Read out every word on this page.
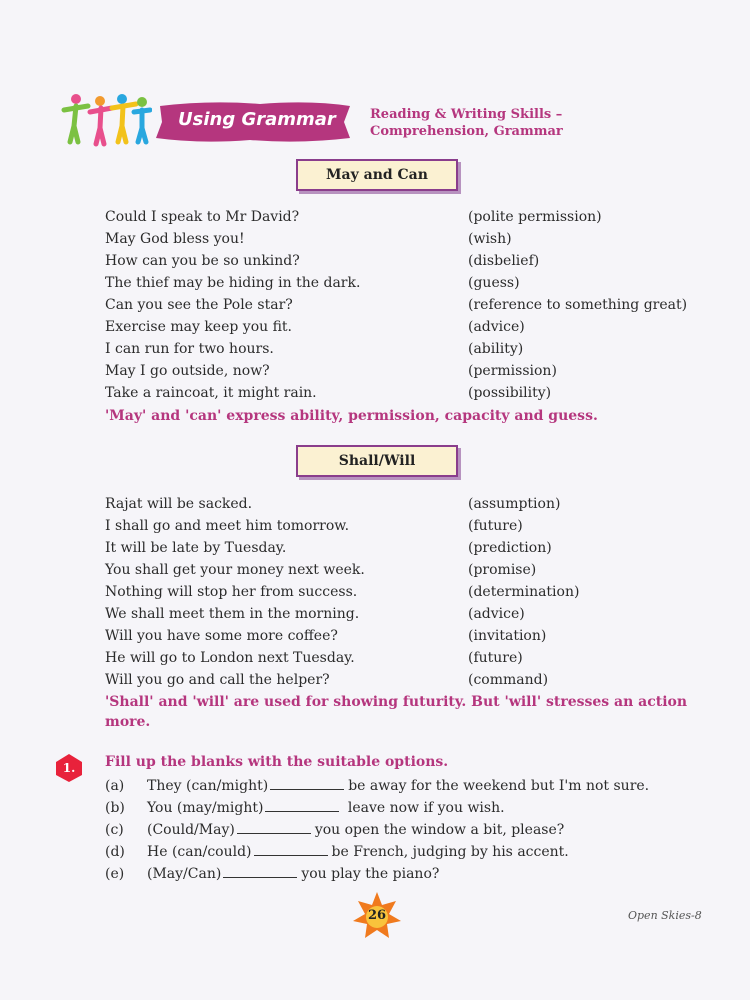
Using Grammar	Reading & Writing Skills –
Comprehension, Grammar
May and Can
Could I speak to Mr David?	(polite permission)
May God bless you!	(wish)
How can you be so unkind?	(disbelief)
The thief may be hiding in the dark.	(guess)
Can you see the Pole star?	(reference to something great)
Exercise may keep you fit.	(advice)
I can run for two hours.	(ability)
May I go outside, now?	(permission)
Take a raincoat, it might rain.	(possibility)
'May' and 'can' express ability, permission, capacity and guess.
Shall/Will
Rajat will be sacked.	(assumption)
I shall go and meet him tomorrow.	(future)
It will be late by Tuesday.	(prediction)
You shall get your money next week.	(promise)
Nothing will stop her from success.	(determination)
We shall meet them in the morning.	(advice)
Will you have some more coffee?	(invitation)
He will go to London next Tuesday.	(future)
Will you go and call the helper?	(command)
'Shall' and 'will' are used for showing futurity. But 'will' stresses an action more.
1.	Fill up the blanks with the suitable options.
(a) They (can/might)	be away for the weekend but I'm not sure.
(b) You (may/might)	leave now if you wish.
(c) (Could/May)	you open the window a bit, please?
(d) He (can/could)	be French, judging by his accent.
(e) (May/Can)	you play the piano?
26	Open Skies-8
